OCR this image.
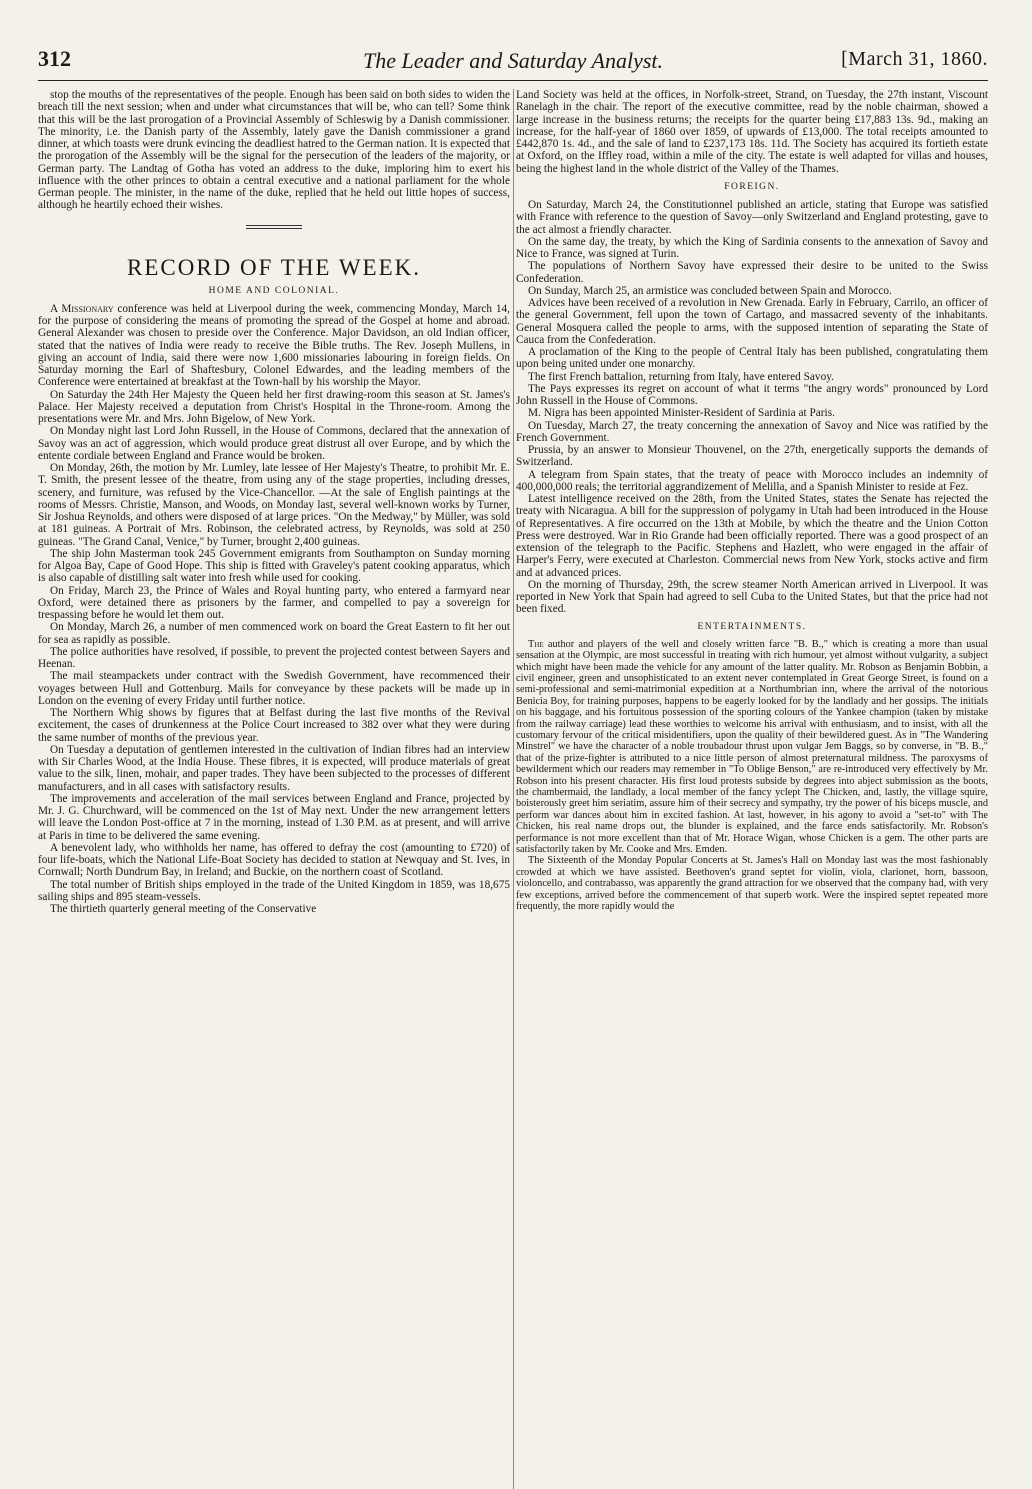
312	The Leader and Saturday Analyst.	[March 31, 1860.

stop the mouths of the representatives of the people. Enough has been said on both sides to widen the breach till the next session; when and under what circumstances that will be, who can tell? Some think that this will be the last prorogation of a Provincial Assembly of Schleswig by a Danish commissioner. The minority, i.e. the Danish party of the Assembly, lately gave the Danish commissioner a grand dinner, at which toasts were drunk evincing the deadliest hatred to the German nation. It is expected that the prorogation of the Assembly will be the signal for the persecution of the leaders of the majority, or German party. The Landtag of Gotha has voted an address to the duke, imploring him to exert his influence with the other princes to obtain a central executive and a national parliament for the whole German people. The minister, in the name of the duke, replied that he held out little hopes of success, although he heartily echoed their wishes.

RECORD OF THE WEEK.
HOME AND COLONIAL.

A Missionary conference was held at Liverpool during the week, commencing Monday, March 14, for the purpose of considering the means of promoting the spread of the Gospel at home and abroad. General Alexander was chosen to preside over the Conference. Major Davidson, an old Indian officer, stated that the natives of India were ready to receive the Bible truths. The Rev. Joseph Mullens, in giving an account of India, said there were now 1,600 missionaries labouring in foreign fields. On Saturday morning the Earl of Shaftesbury, Colonel Edwardes, and the leading members of the Conference were entertained at breakfast at the Town-hall by his worship the Mayor.

On Saturday the 24th Her Majesty the Queen held her first drawing-room this season at St. James's Palace. Her Majesty received a deputation from Christ's Hospital in the Throne-room. Among the presentations were Mr. and Mrs. John Bigelow, of New York.

On Monday night last Lord John Russell, in the House of Commons, declared that the annexation of Savoy was an act of aggression, which would produce great distrust all over Europe, and by which the entente cordiale between England and France would be broken.

On Monday, 26th, the motion by Mr. Lumley, late lessee of Her Majesty's Theatre, to prohibit Mr. E. T. Smith, the present lessee of the theatre, from using any of the stage properties, including dresses, scenery, and furniture, was refused by the Vice-Chancellor. —At the sale of English paintings at the rooms of Messrs. Christie, Manson, and Woods, on Monday last, several well-known works by Turner, Sir Joshua Reynolds, and others were disposed of at large prices. "On the Medway," by Müller, was sold at 181 guineas. A Portrait of Mrs. Robinson, the celebrated actress, by Reynolds, was sold at 250 guineas. "The Grand Canal, Venice," by Turner, brought 2,400 guineas.

The ship John Masterman took 245 Government emigrants from Southampton on Sunday morning for Algoa Bay, Cape of Good Hope. This ship is fitted with Graveley's patent cooking apparatus, which is also capable of distilling salt water into fresh while used for cooking.

On Friday, March 23, the Prince of Wales and Royal hunting party, who entered a farmyard near Oxford, were detained there as prisoners by the farmer, and compelled to pay a sovereign for trespassing before he would let them out.

On Monday, March 26, a number of men commenced work on board the Great Eastern to fit her out for sea as rapidly as possible.

The police authorities have resolved, if possible, to prevent the projected contest between Sayers and Heenan.

The mail steampackets under contract with the Swedish Government, have recommenced their voyages between Hull and Gottenburg. Mails for conveyance by these packets will be made up in London on the evening of every Friday until further notice.

The Northern Whig shows by figures that at Belfast during the last five months of the Revival excitement, the cases of drunkenness at the Police Court increased to 382 over what they were during the same number of months of the previous year.

On Tuesday a deputation of gentlemen interested in the cultivation of Indian fibres had an interview with Sir Charles Wood, at the India House. These fibres, it is expected, will produce materials of great value to the silk, linen, mohair, and paper trades. They have been subjected to the processes of different manufacturers, and in all cases with satisfactory results.

The improvements and acceleration of the mail services between England and France, projected by Mr. J. G. Churchward, will be commenced on the 1st of May next. Under the new arrangement letters will leave the London Post-office at 7 in the morning, instead of 1.30 P.M. as at present, and will arrive at Paris in time to be delivered the same evening.

A benevolent lady, who withholds her name, has offered to defray the cost (amounting to £720) of four life-boats, which the National Life-Boat Society has decided to station at Newquay and St. Ives, in Cornwall; North Dundrum Bay, in Ireland; and Buckie, on the northern coast of Scotland.

The total number of British ships employed in the trade of the United Kingdom in 1859, was 18,675 sailing ships and 895 steam-vessels.

The thirtieth quarterly general meeting of the Conservative

Land Society was held at the offices, in Norfolk-street, Strand, on Tuesday, the 27th instant, Viscount Ranelagh in the chair. The report of the executive committee, read by the noble chairman, showed a large increase in the business returns; the receipts for the quarter being £17,883 13s. 9d., making an increase, for the half-year of 1860 over 1859, of upwards of £13,000. The total receipts amounted to £442,870 1s. 4d., and the sale of land to £237,173 18s. 11d. The Society has acquired its fortieth estate at Oxford, on the Iffley road, within a mile of the city. The estate is well adapted for villas and houses, being the highest land in the whole district of the Valley of the Thames.

FOREIGN.

On Saturday, March 24, the Constitutionnel published an article, stating that Europe was satisfied with France with reference to the question of Savoy—only Switzerland and England protesting, gave to the act almost a friendly character.

On the same day, the treaty, by which the King of Sardinia consents to the annexation of Savoy and Nice to France, was signed at Turin.

The populations of Northern Savoy have expressed their desire to be united to the Swiss Confederation.

On Sunday, March 25, an armistice was concluded between Spain and Morocco.

Advices have been received of a revolution in New Grenada. Early in February, Carrilo, an officer of the general Government, fell upon the town of Cartago, and massacred seventy of the inhabitants. General Mosquera called the people to arms, with the supposed intention of separating the State of Cauca from the Confederation.

A proclamation of the King to the people of Central Italy has been published, congratulating them upon being united under one monarchy.

The first French battalion, returning from Italy, have entered Savoy.

The Pays expresses its regret on account of what it terms "the angry words" pronounced by Lord John Russell in the House of Commons.

M. Nigra has been appointed Minister-Resident of Sardinia at Paris.

On Tuesday, March 27, the treaty concerning the annexation of Savoy and Nice was ratified by the French Government.

Prussia, by an answer to Monsieur Thouvenel, on the 27th, energetically supports the demands of Switzerland.

A telegram from Spain states, that the treaty of peace with Morocco includes an indemnity of 400,000,000 reals; the territorial aggrandizement of Melilla, and a Spanish Minister to reside at Fez.

Latest intelligence received on the 28th, from the United States, states the Senate has rejected the treaty with Nicaragua. A bill for the suppression of polygamy in Utah had been introduced in the House of Representatives. A fire occurred on the 13th at Mobile, by which the theatre and the Union Cotton Press were destroyed. War in Rio Grande had been officially reported. There was a good prospect of an extension of the telegraph to the Pacific. Stephens and Hazlett, who were engaged in the affair of Harper's Ferry, were executed at Charleston. Commercial news from New York, stocks active and firm and at advanced prices.

On the morning of Thursday, 29th, the screw steamer North American arrived in Liverpool. It was reported in New York that Spain had agreed to sell Cuba to the United States, but that the price had not been fixed.

ENTERTAINMENTS.

The author and players of the well and closely written farce "B. B.," which is creating a more than usual sensation at the Olympic, are most successful in treating with rich humour, yet almost without vulgarity, a subject which might have been made the vehicle for any amount of the latter quality. Mr. Robson as Benjamin Bobbin, a civil engineer, green and unsophisticated to an extent never contemplated in Great George Street, is found on a semi-professional and semi-matrimonial expedition at a Northumbrian inn, where the arrival of the notorious Benicia Boy, for training purposes, happens to be eagerly looked for by the landlady and her gossips. The initials on his baggage, and his fortuitous possession of the sporting colours of the Yankee champion (taken by mistake from the railway carriage) lead these worthies to welcome his arrival with enthusiasm, and to insist, with all the customary fervour of the critical misidentifiers, upon the quality of their bewildered guest. As in "The Wandering Minstrel" we have the character of a noble troubadour thrust upon vulgar Jem Baggs, so by converse, in "B. B.," that of the prize-fighter is attributed to a nice little person of almost preternatural mildness. The paroxysms of bewilderment which our readers may remember in "To Oblige Benson," are re-introduced very effectively by Mr. Robson into his present character. His first loud protests subside by degrees into abject submission as the boots, the chambermaid, the landlady, a local member of the fancy yclept The Chicken, and, lastly, the village squire, boisterously greet him seriatim, assure him of their secrecy and sympathy, try the power of his biceps muscle, and perform war dances about him in excited fashion. At last, however, in his agony to avoid a "set-to" with The Chicken, his real name drops out, the blunder is explained, and the farce ends satisfactorily. Mr. Robson's performance is not more excellent than that of Mr. Horace Wigan, whose Chicken is a gem. The other parts are satisfactorily taken by Mr. Cooke and Mrs. Emden.

The Sixteenth of the Monday Popular Concerts at St. James's Hall on Monday last was the most fashionably crowded at which we have assisted. Beethoven's grand septet for violin, viola, clarionet, horn, bassoon, violoncello, and contrabasso, was apparently the grand attraction for we observed that the company had, with very few exceptions, arrived before the commencement of that superb work. Were the inspired septet repeated more frequently, the more rapidly would the
